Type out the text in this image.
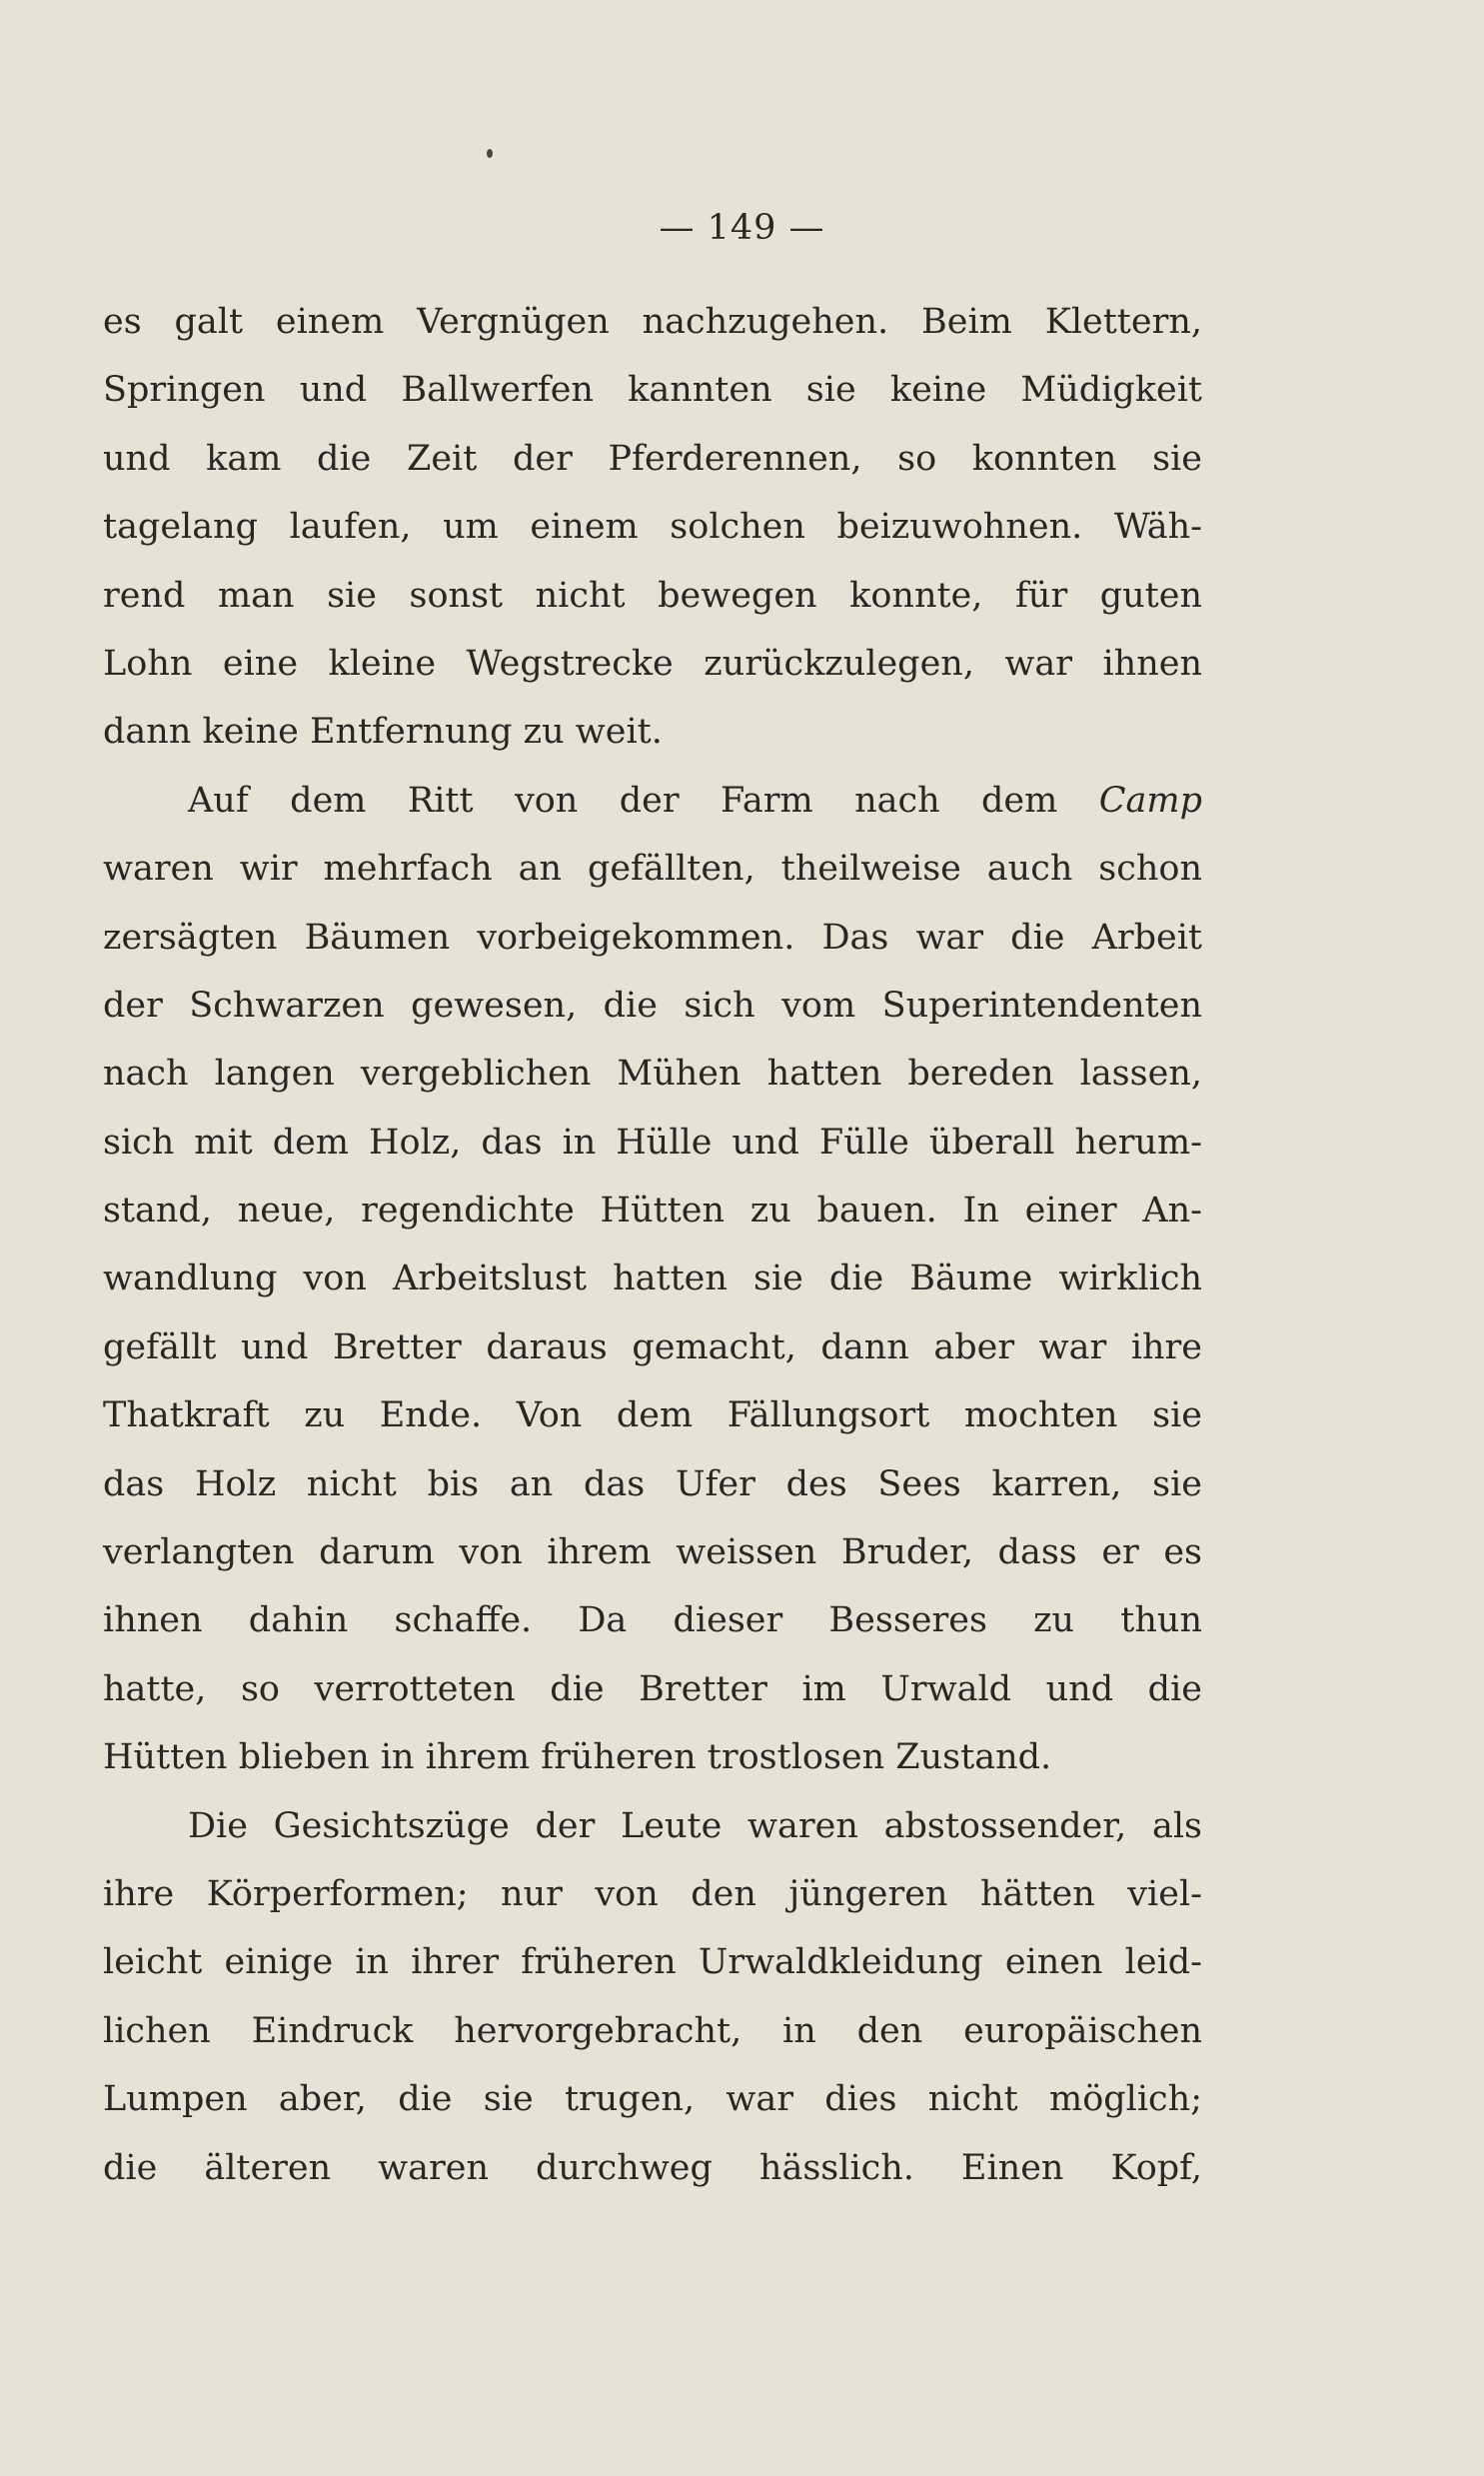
— 149 —
es galt einem Vergnügen nachzugehen. Beim Klettern,
Springen und Ballwerfen kannten sie keine Müdigkeit
und kam die Zeit der Pferderennen, so konnten sie
tagelang laufen, um einem solchen beizuwohnen. Wäh-
rend man sie sonst nicht bewegen konnte, für guten
Lohn eine kleine Wegstrecke zurückzulegen, war ihnen
dann keine Entfernung zu weit.
Auf dem Ritt von der Farm nach dem Camp
waren wir mehrfach an gefällten, theilweise auch schon
zersägten Bäumen vorbeigekommen. Das war die Arbeit
der Schwarzen gewesen, die sich vom Superintendenten
nach langen vergeblichen Mühen hatten bereden lassen,
sich mit dem Holz, das in Hülle und Fülle überall herum-
stand, neue, regendichte Hütten zu bauen. In einer An-
wandlung von Arbeitslust hatten sie die Bäume wirklich
gefällt und Bretter daraus gemacht, dann aber war ihre
Thatkraft zu Ende. Von dem Fällungsort mochten sie
das Holz nicht bis an das Ufer des Sees karren, sie
verlangten darum von ihrem weissen Bruder, dass er es
ihnen dahin schaffe. Da dieser Besseres zu thun
hatte, so verrotteten die Bretter im Urwald und die
Hütten blieben in ihrem früheren trostlosen Zustand.
Die Gesichtszüge der Leute waren abstossender, als
ihre Körperformen; nur von den jüngeren hätten viel-
leicht einige in ihrer früheren Urwaldkleidung einen leid-
lichen Eindruck hervorgebracht, in den europäischen
Lumpen aber, die sie trugen, war dies nicht möglich;
die älteren waren durchweg hässlich. Einen Kopf,
